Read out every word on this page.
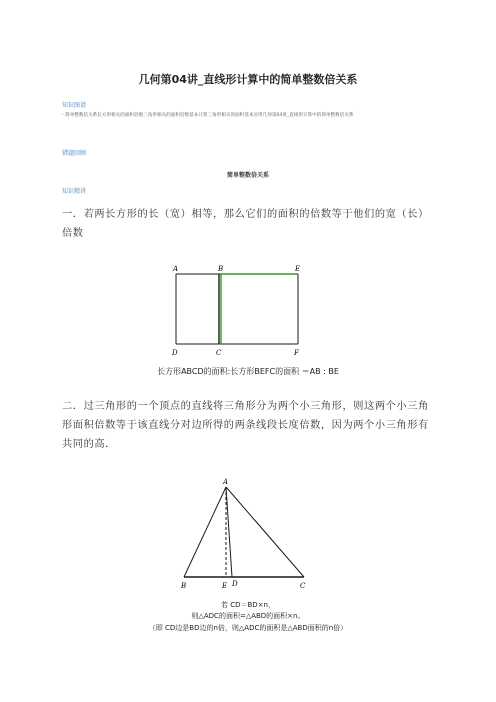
几何第04讲_直线形计算中的简单整数倍关系
知识图谱
- 简单整数倍关系长方形相关的面积倍数三角形相关的面积倍数基本计算三角形相关的面积基本应用几何第04讲_直线形计算中的简单整数倍关系
错题回顾
简单整数倍关系
知识精讲
一．若两长方形的长（宽）相等，那么它们的面积的倍数等于他们的宽（长）倍数
A	B	E
D	C	F
长方形ABCD的面积:长方形BEFC的面积 ＝AB : BE
二．过三角形的一个顶点的直线将三角形分为两个小三角形，则这两个小三角形面积倍数等于该直线分对边所得的两条线段长度倍数，因为两个小三角形有共同的高．
A
B	E D	C
若 CD＝BD×n，
则△ADC的面积=△ABD的面积×n。
（即 CD边是BD边的n倍，则△ADC的面积是△ABD面积的n倍）
